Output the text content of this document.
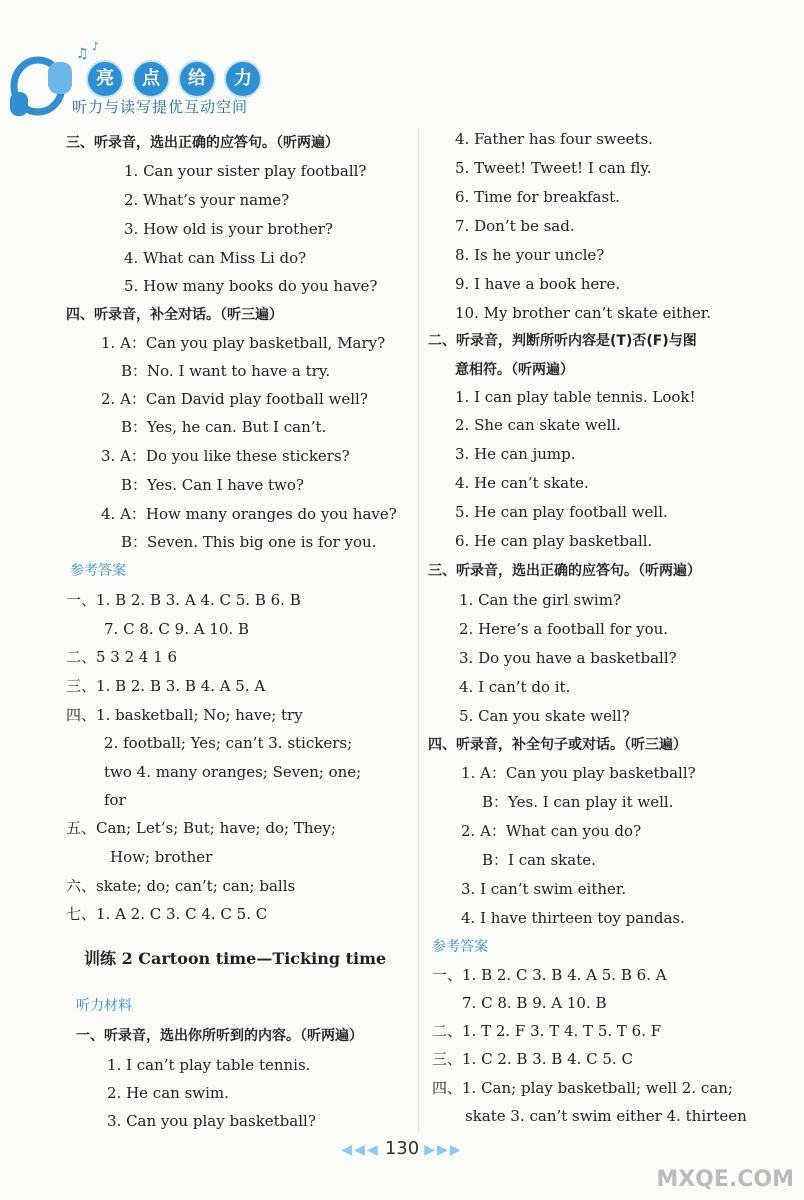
♫ ♪
亮	点	给	力
听力与读写提优互动空间
三、听录音，选出正确的应答句。（听两遍）
1. Can your sister play football?
2. What’s your name?
3. How old is your brother?
4. What can Miss Li do?
5. How many books do you have?
四、听录音，补全对话。（听三遍）
1. A：Can you play basketball, Mary?
B：No. I want to have a try.
2. A：Can David play football well?
B：Yes, he can. But I can’t.
3. A：Do you like these stickers?
B：Yes. Can I have two?
4. A：How many oranges do you have?
B：Seven. This big one is for you.
参考答案
一、1. B 2. B 3. A 4. C 5. B 6. B
7. C 8. C 9. A 10. B
二、5 3 2 4 1 6
三、1. B 2. B 3. B 4. A 5. A
四、1. basketball; No; have; try
2. football; Yes; can’t 3. stickers;
two 4. many oranges; Seven; one;
for
五、Can; Let’s; But; have; do; They;
How; brother
六、skate; do; can’t; can; balls
七、1. A 2. C 3. C 4. C 5. C
训练 2 Cartoon time—Ticking time
听力材料
一、听录音，选出你所听到的内容。（听两遍）
1. I can’t play table tennis.
2. He can swim.
3. Can you play basketball?
4. Father has four sweets.
5. Tweet! Tweet! I can fly.
6. Time for breakfast.
7. Don’t be sad.
8. Is he your uncle?
9. I have a book here.
10. My brother can’t skate either.
二、听录音，判断所听内容是(T)否(F)与图
意相符。（听两遍）
1. I can play table tennis. Look!
2. She can skate well.
3. He can jump.
4. He can’t skate.
5. He can play football well.
6. He can play basketball.
三、听录音，选出正确的应答句。（听两遍）
1. Can the girl swim?
2. Here’s a football for you.
3. Do you have a basketball?
4. I can’t do it.
5. Can you skate well?
四、听录音，补全句子或对话。（听三遍）
1. A：Can you play basketball?
B：Yes. I can play it well.
2. A：What can you do?
B：I can skate.
3. I can’t swim either.
4. I have thirteen toy pandas.
参考答案
一、1. B 2. C 3. B 4. A 5. B 6. A
7. C 8. B 9. A 10. B
二、1. T 2. F 3. T 4. T 5. T 6. F
三、1. C 2. B 3. B 4. C 5. C
四、1. Can; play basketball; well 2. can;
skate 3. can’t swim either 4. thirteen
◀◀◀ 130 ▶▶▶
MXQE.COM
